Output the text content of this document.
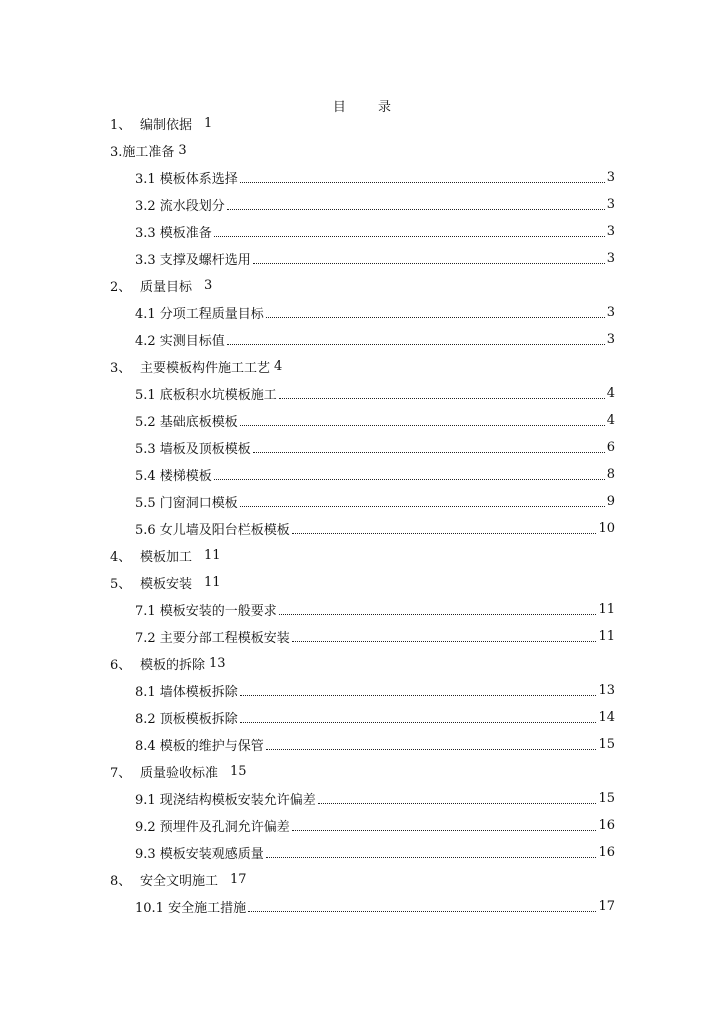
目 录
1、 编制依据 1
3.施工准备 3
3.1 模板体系选择	3
3.2 流水段划分	3
3.3 模板准备	3
3.3 支撑及螺杆选用	3
2、 质量目标 3
4.1 分项工程质量目标	3
4.2 实测目标值	3
3、 主要模板构件施工工艺 4
5.1 底板积水坑模板施工	4
5.2 基础底板模板	4
5.3 墙板及顶板模板	6
5.4 楼梯模板	8
5.5 门窗洞口模板	9
5.6 女儿墙及阳台栏板模板	10
4、 模板加工 11
5、 模板安装 11
7.1 模板安装的一般要求	11
7.2 主要分部工程模板安装	11
6、 模板的拆除 13
8.1 墙体模板拆除	13
8.2 顶板模板拆除	14
8.4 模板的维护与保管	15
7、 质量验收标准 15
9.1 现浇结构模板安装允许偏差	15
9.2 预埋件及孔洞允许偏差	16
9.3 模板安装观感质量	16
8、 安全文明施工 17
10.1 安全施工措施	17
